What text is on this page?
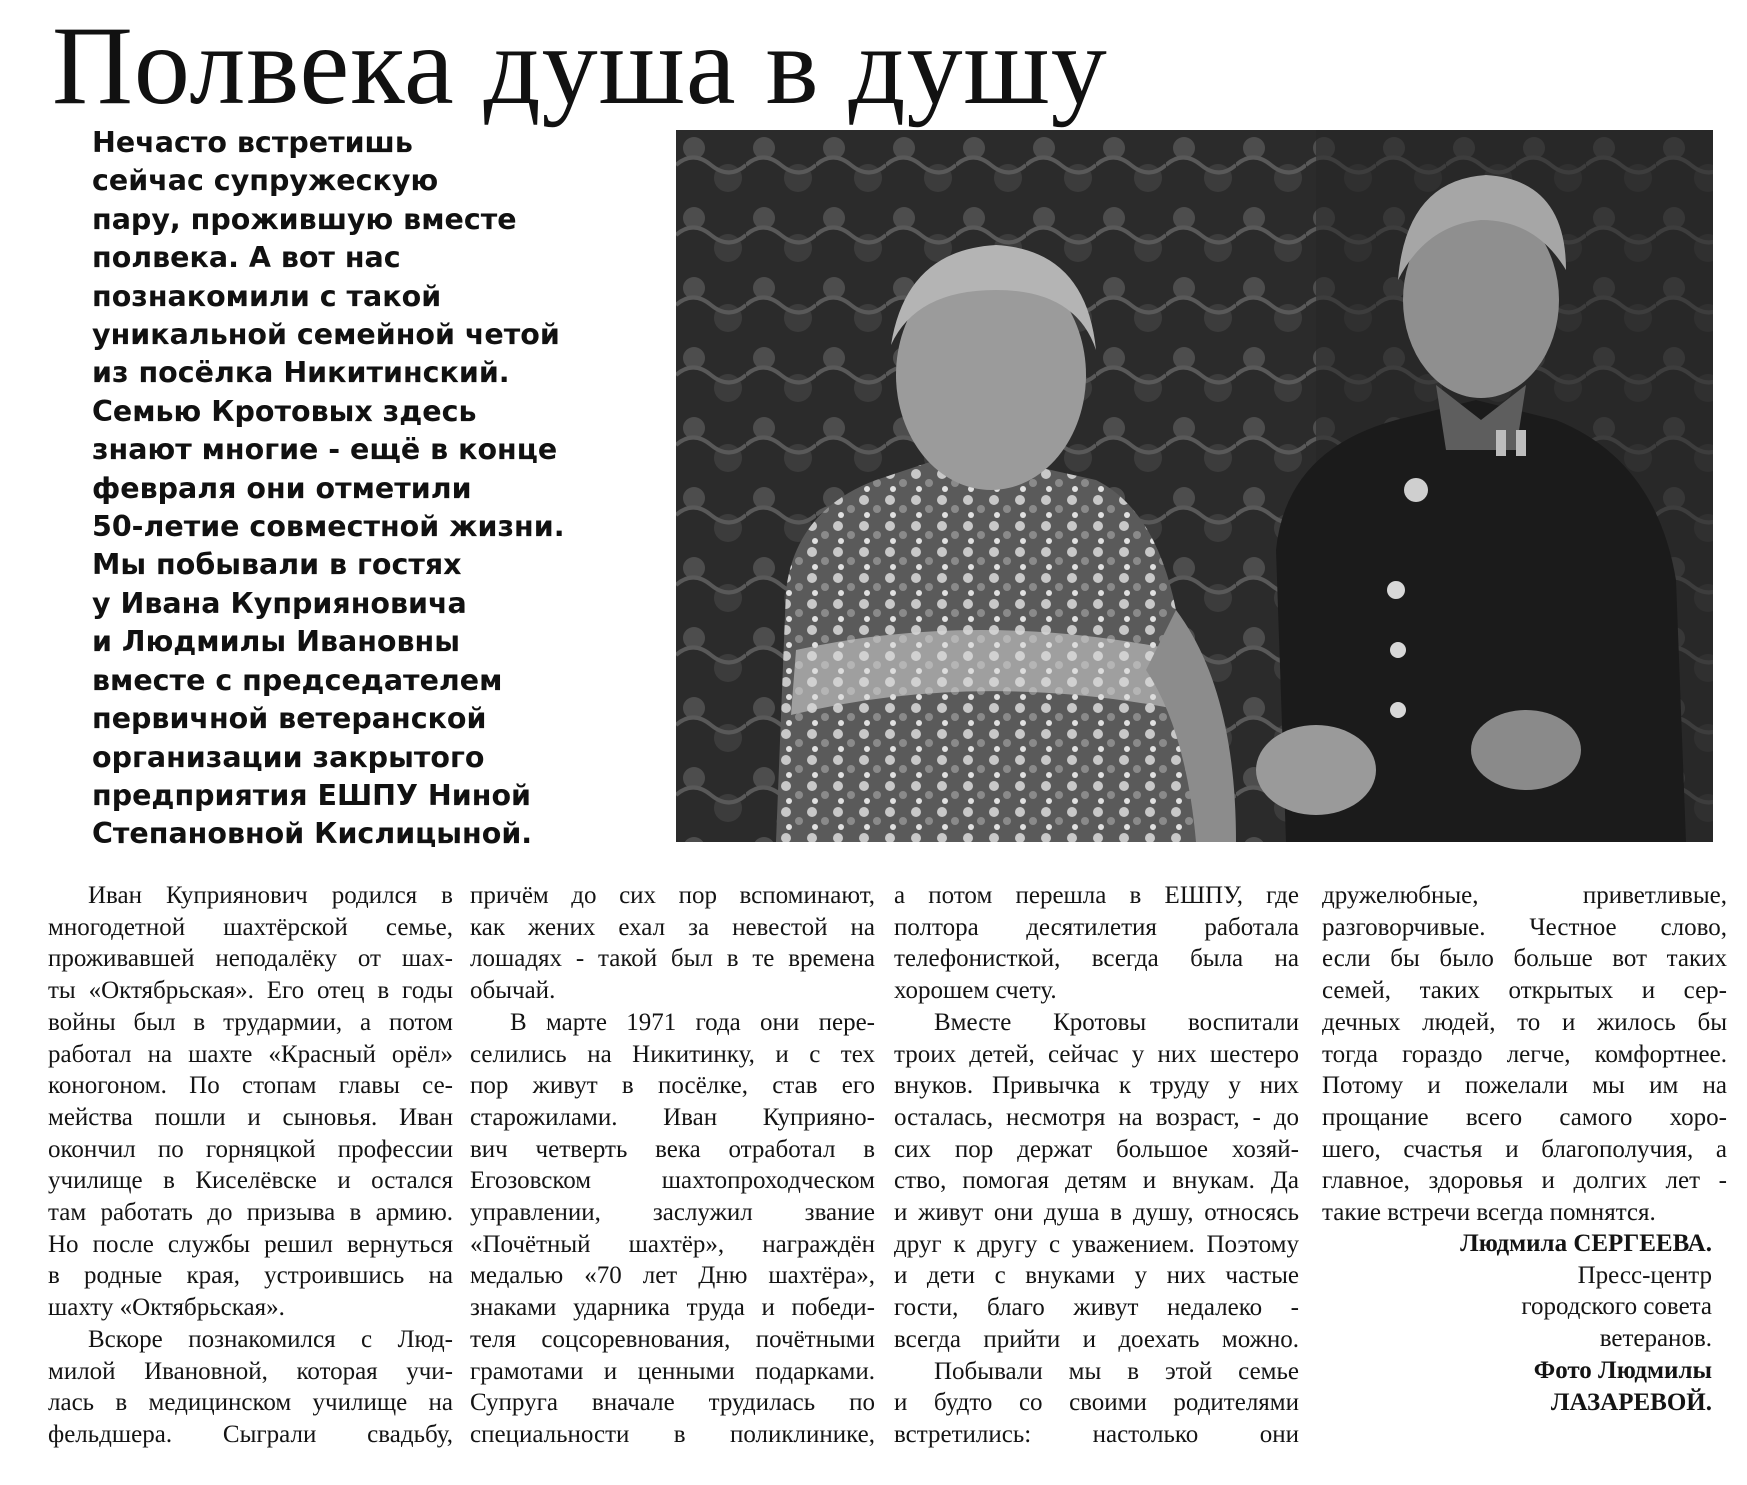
Полвека душа в душу
Нечасто встретишь
сейчас супружескую
пару, прожившую вместе
полвека. А вот нас
познакомили с такой
уникальной семейной четой
из посёлка Никитинский.
Семью Кротовых здесь
знают многие - ещё в конце
февраля они отметили
50-летие совместной жизни.
Мы побывали в гостях
у Ивана Куприяновича
и Людмилы Ивановны
вместе с председателем
первичной ветеранской
организации закрытого
предприятия ЕШПУ Ниной
Степановной Кислицыной.
Иван Куприянович родился в
многодетной шахтёрской семье,
проживавшей неподалёку от шах-
ты «Октябрьская». Его отец в годы
войны был в трудармии, а потом
работал на шахте «Красный орёл»
коногоном. По стопам главы се-
мейства пошли и сыновья. Иван
окончил по горняцкой профессии
училище в Киселёвске и остался
там работать до призыва в армию.
Но после службы решил вернуться
в родные края, устроившись на
шахту «Октябрьская».
Вскоре познакомился с Люд-
милой Ивановной, которая учи-
лась в медицинском училище на
фельдшера. Сыграли свадьбу,
причём до сих пор вспоминают,
как жених ехал за невестой на
лошадях - такой был в те времена
обычай.
В марте 1971 года они пере-
селились на Никитинку, и с тех
пор живут в посёлке, став его
старожилами. Иван Куприяно-
вич четверть века отработал в
Егозовском шахтопроходческом
управлении, заслужил звание
«Почётный шахтёр», награждён
медалью «70 лет Дню шахтёра»,
знаками ударника труда и победи-
теля соцсоревнования, почётными
грамотами и ценными подарками.
Супруга вначале трудилась по
специальности в поликлинике,
а потом перешла в ЕШПУ, где
полтора десятилетия работала
телефонисткой, всегда была на
хорошем счету.
Вместе Кротовы воспитали
троих детей, сейчас у них шестеро
внуков. Привычка к труду у них
осталась, несмотря на возраст, - до
сих пор держат большое хозяй-
ство, помогая детям и внукам. Да
и живут они душа в душу, относясь
друг к другу с уважением. Поэтому
и дети с внуками у них частые
гости, благо живут недалеко -
всегда прийти и доехать можно.
Побывали мы в этой семье
и будто со своими родителями
встретились: настолько они
дружелюбные, приветливые,
разговорчивые. Честное слово,
если бы было больше вот таких
семей, таких открытых и сер-
дечных людей, то и жилось бы
тогда гораздо легче, комфортнее.
Потому и пожелали мы им на
прощание всего самого хоро-
шего, счастья и благополучия, а
главное, здоровья и долгих лет -
такие встречи всегда помнятся.
Людмила СЕРГЕЕВА.
Пресс-центр
городского совета
ветеранов.
Фото Людмилы
ЛАЗАРЕВОЙ.
